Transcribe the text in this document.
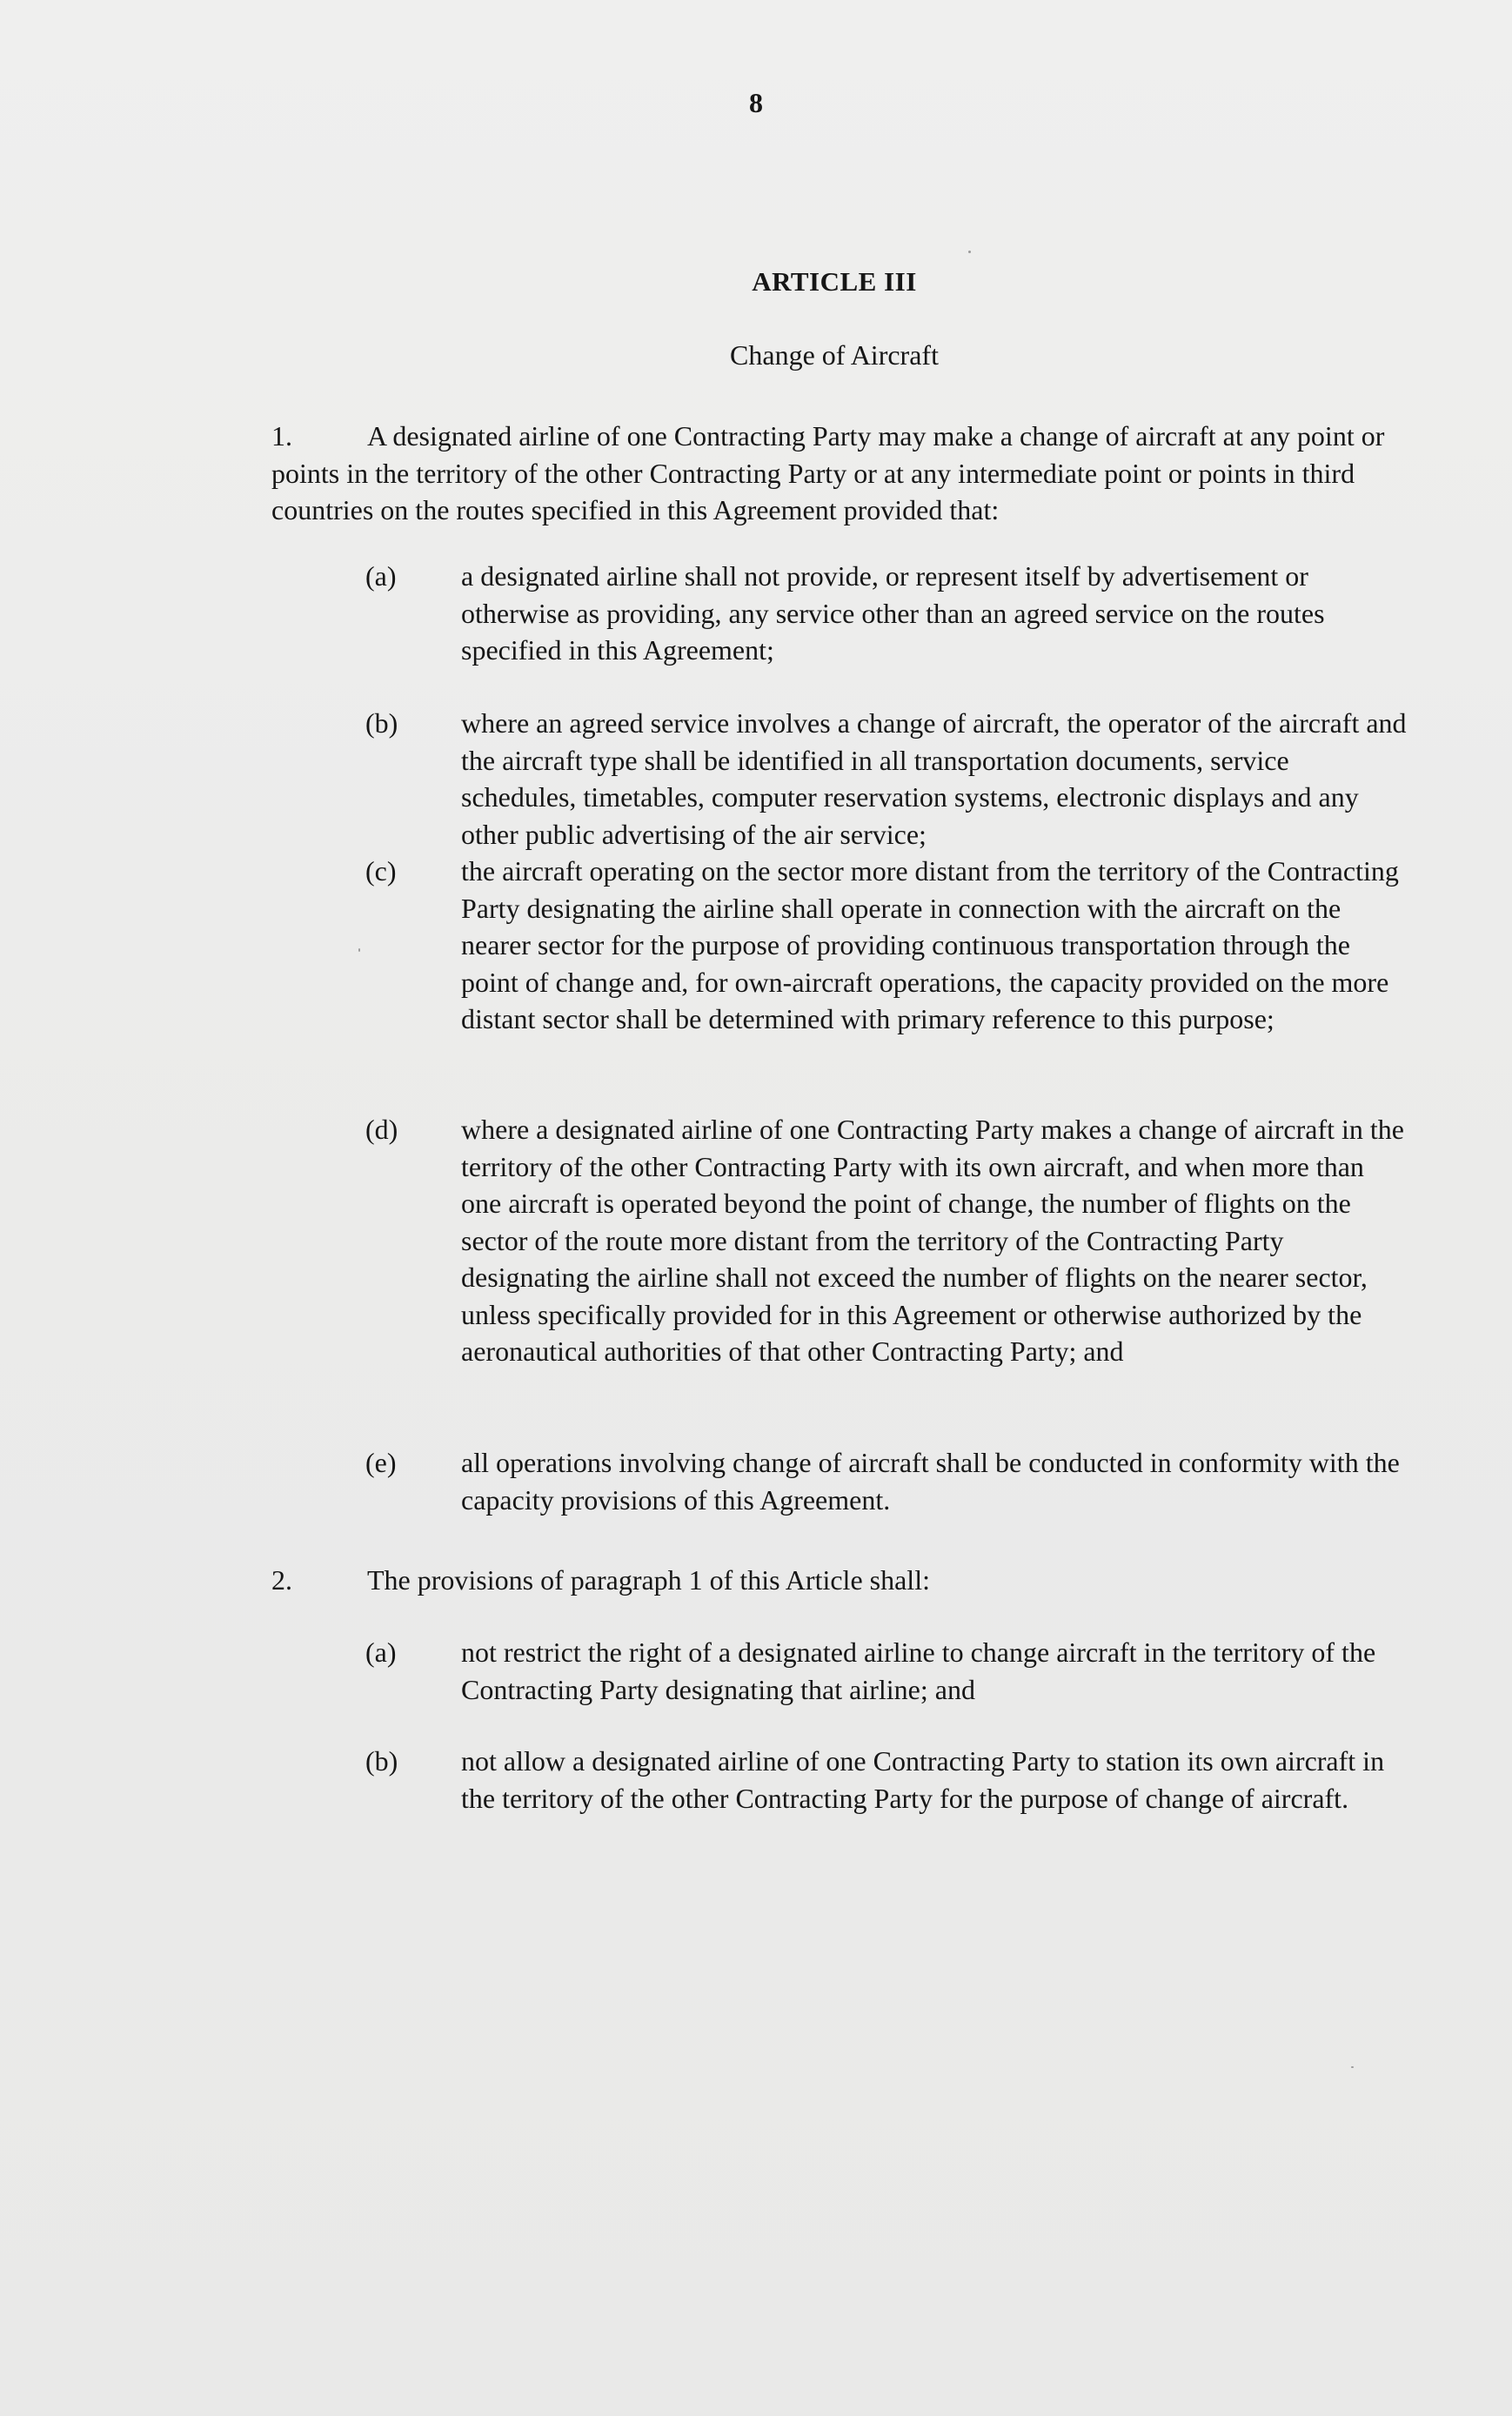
8
ARTICLE III
Change of Aircraft
1.	A designated airline of one Contracting Party may make a change of aircraft at any point or points in the territory of the other Contracting Party or at any intermediate point or points in third countries on the routes specified in this Agreement provided that:
(a)	a designated airline shall not provide, or represent itself by advertisement or otherwise as providing, any service other than an agreed service on the routes specified in this Agreement;
(b)	where an agreed service involves a change of aircraft, the operator of the aircraft and the aircraft type shall be identified in all transportation documents, service schedules, timetables, computer reservation systems, electronic displays and any other public advertising of the air service;
(c)	the aircraft operating on the sector more distant from the territory of the Contracting Party designating the airline shall operate in connection with the aircraft on the nearer sector for the purpose of providing continuous transportation through the point of change and, for own-aircraft operations, the capacity provided on the more distant sector shall be determined with primary reference to this purpose;
(d)	where a designated airline of one Contracting Party makes a change of aircraft in the territory of the other Contracting Party with its own aircraft, and when more than one aircraft is operated beyond the point of change, the number of flights on the sector of the route more distant from the territory of the Contracting Party designating the airline shall not exceed the number of flights on the nearer sector, unless specifically provided for in this Agreement or otherwise authorized by the aeronautical authorities of that other Contracting Party; and
(e)	all operations involving change of aircraft shall be conducted in conformity with the capacity provisions of this Agreement.
2.	The provisions of paragraph 1 of this Article shall:
(a)	not restrict the right of a designated airline to change aircraft in the territory of the Contracting Party designating that airline; and
(b)	not allow a designated airline of one Contracting Party to station its own aircraft in the territory of the other Contracting Party for the purpose of change of aircraft.
